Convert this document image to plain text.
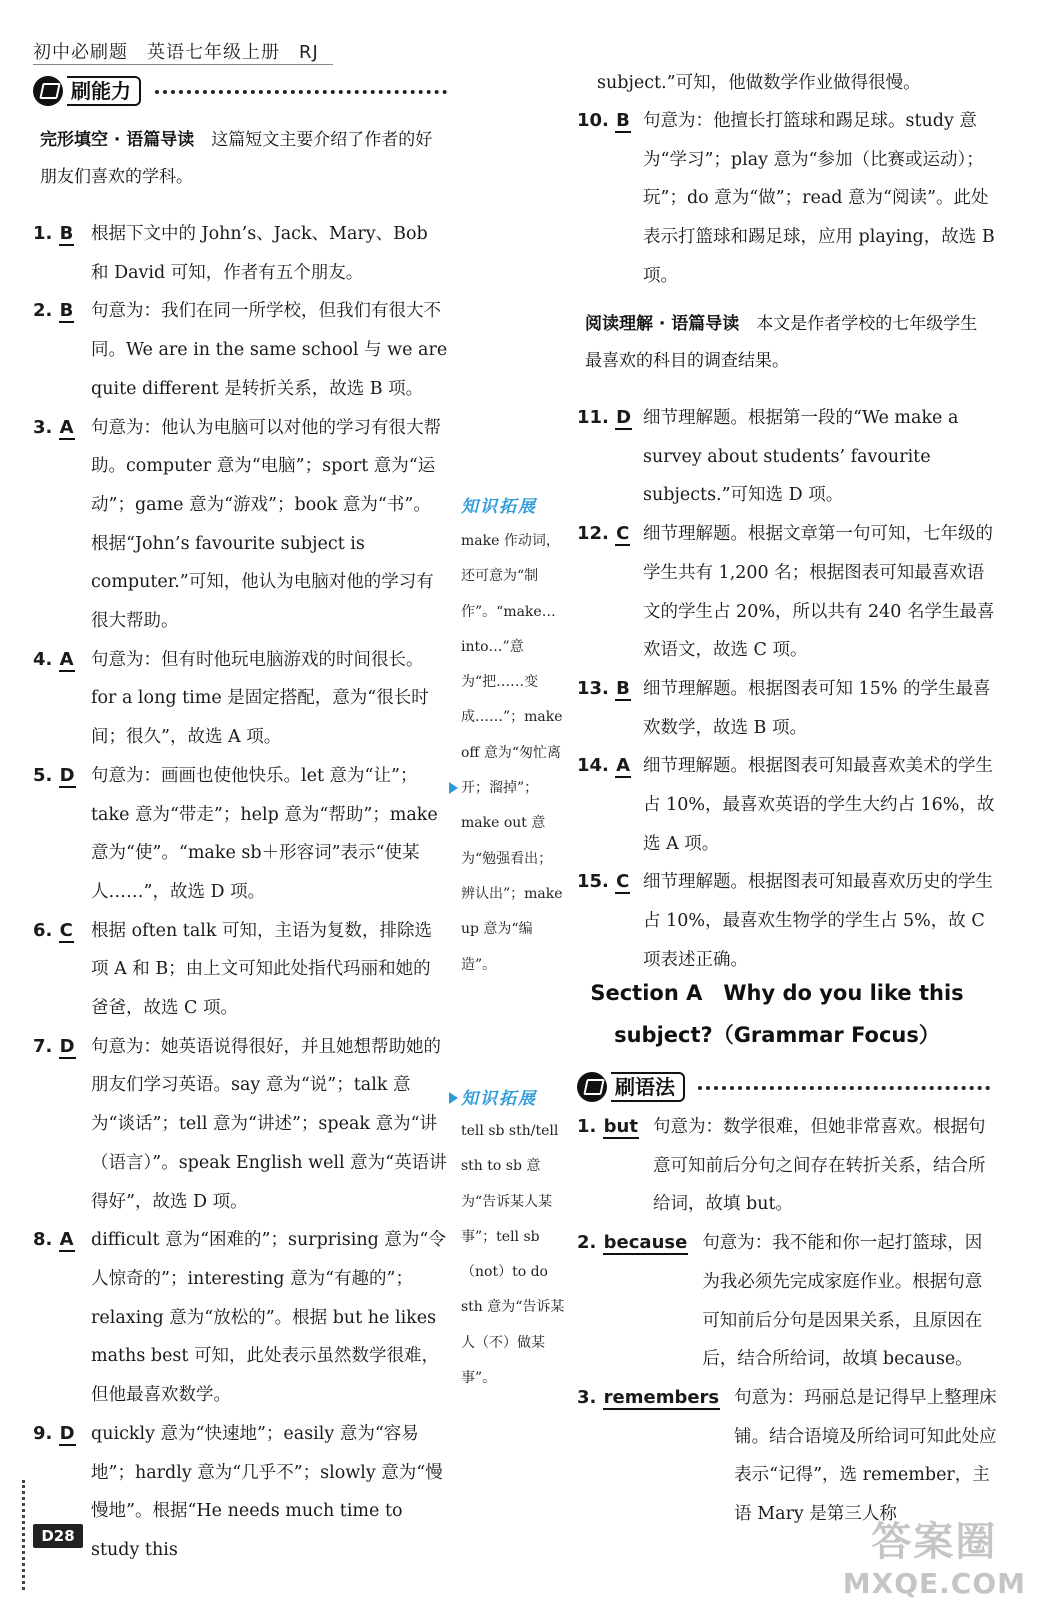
初中必刷题　英语七年级上册　RJ
刷能力
完形填空 · 语篇导读　 这篇短文主要介绍了作者的好朋友们喜欢的学科。
1. B	根据下文中的 John’s、Jack、Mary、Bob 和 David 可知，作者有五个朋友。
2. B	句意为：我们在同一所学校，但我们有很大不同。We are in the same school 与 we are quite different 是转折关系，故选 B 项。
3. A 句意为：他认为电脑可以对他的学习有很大帮助。computer 意为“电脑”；sport 意为“运动”；game 意为“游戏”；book 意为“书”。根据“John’s favourite subject is computer.”可知，他认为电脑对他的学习有很大帮助。
4. A 句意为：但有时他玩电脑游戏的时间很长。for a long time 是固定搭配，意为“很长时间；很久”，故选 A 项。
5. D 句意为：画画也使他快乐。let 意为“让”；take 意为“带走”；help 意为“帮助”；make 意为“使”。“make sb＋形容词”表示“使某人……”，故选 D 项。
6. C	根据 often talk 可知，主语为复数，排除选项 A 和 B；由上文可知此处指代玛丽和她的爸爸，故选 C 项。
7. D 句意为：她英语说得很好，并且她想帮助她的朋友们学习英语。say 意为“说”；talk 意为“谈话”；tell 意为“讲述”；speak 意为“讲（语言）”。speak English well 意为“英语讲得好”，故选 D 项。
8. A difficult 意为“困难的”；surprising 意为“令人惊奇的”；interesting 意为“有趣的”；relaxing 意为“放松的”。根据 but he likes maths best 可知，此处表示虽然数学很难，但他最喜欢数学。
9. D quickly 意为“快速地”；easily 意为“容易地”；hardly 意为“几乎不”；slowly 意为“慢慢地”。根据“He needs much time to study this
知识拓展
make 作动词，还可意为“制作”。“make… into…”意为“把……变成……”；make off 意为“匆忙离开；溜掉”；make out 意为“勉强看出；辨认出”；make up 意为“编造”。
知识拓展
tell sb sth/tell sth to sb 意为“告诉某人某事”；tell sb（not）to do sth 意为“告诉某人（不）做某事”。
subject.”可知，他做数学作业做得很慢。
10. B 句意为：他擅长打篮球和踢足球。study 意为“学习”；play 意为“参加（比赛或运动）；玩”；do 意为“做”；read 意为“阅读”。此处表示打篮球和踢足球，应用 playing，故选 B 项。
阅读理解 · 语篇导读　 本文是作者学校的七年级学生最喜欢的科目的调查结果。
11. D 细节理解题。根据第一段的“We make a survey about students’ favourite subjects.”可知选 D 项。
12. C 细节理解题。根据文章第一句可知，七年级的学生共有 1,200 名；根据图表可知最喜欢语文的学生占 20%，所以共有 240 名学生最喜欢语文，故选 C 项。
13. B 细节理解题。根据图表可知 15% 的学生最喜欢数学，故选 B 项。
14. A 细节理解题。根据图表可知最喜欢美术的学生占 10%，最喜欢英语的学生大约占 16%，故选 A 项。
15. C 细节理解题。根据图表可知最喜欢历史的学生占 10%，最喜欢生物学的学生占 5%，故 C 项表述正确。
Section A　Why do you like this
subject?（Grammar Focus）
刷语法
1. but 句意为：数学很难，但她非常喜欢。根据句意可知前后分句之间存在转折关系，结合所给词，故填 but。
2. because 句意为：我不能和你一起打篮球，因为我必须先完成家庭作业。根据句意可知前后分句是因果关系，且原因在后，结合所给词，故填 because。
3. remembers 句意为：玛丽总是记得早上整理床铺。结合语境及所给词可知此处应表示“记得”，选 remember，主语 Mary 是第三人称
D28	答案圈
MXQE.COM
